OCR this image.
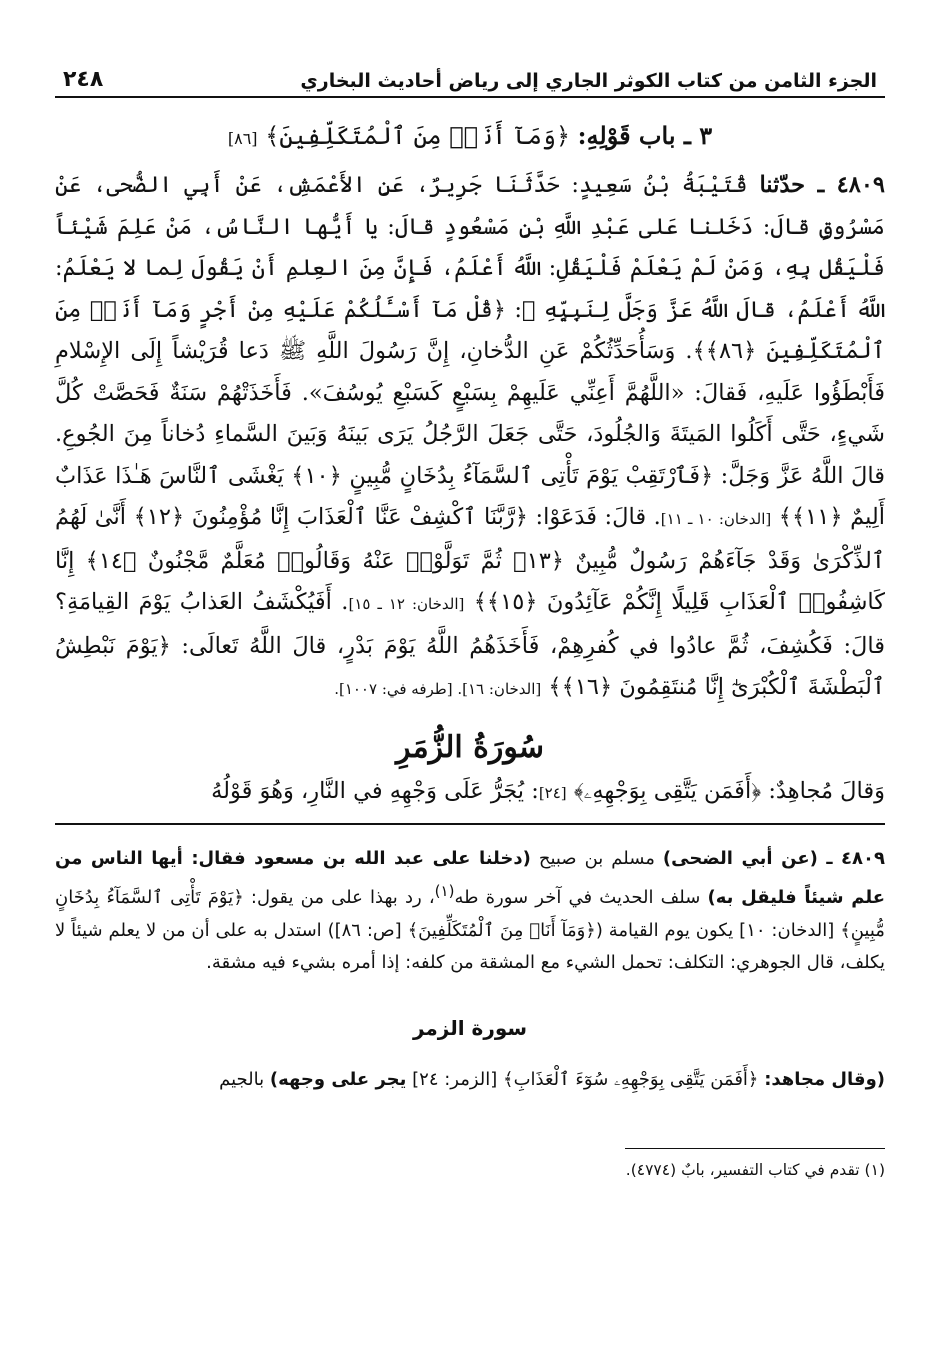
الجزء الثامن من كتاب الكوثر الجاري إلى رياض أحاديث البخاري
٢٤٨
٣ ـ باب قَوْلِهِ: ﴿وَمَآ أَنَا۠ مِنَ ٱلْمُتَكَلِّفِينَ﴾ [٨٦]

٤٨٠٩ ـ حدّثنا قُتَيْبَةُ بْنُ سَعِيدٍ: حَدَّثَنَا جَرِيرٌ، عَنِ الأَعْمَشِ، عَنْ أَبِي الضُّحى، عَنْ مَسْرُوقٍ قالَ: دَخَلنا عَلى عَبْدِ اللَّهِ بْنِ مَسْعُودٍ قالَ: يا أَيُّها النَّاسُ، مَنْ عَلِمَ شَيْئاً فَلْيَقُل بِهِ، وَمَنْ لَمْ يَعْلَمْ فَلْيَقُلِ: اللَّهُ أَعْلَمُ، فَإِنَّ مِنَ العِلمِ أَنْ يَقُولَ لِما لا يَعْلَمُ: اللَّهُ أَعْلَمُ، قالَ اللَّهُ عَزَّ وَجَلَّ لِنَبِيِّهِ ﷺ: ﴿قُلْ مَآ أَسْـَٔلُكُمْ عَلَيْهِ مِنْ أَجْرٍ وَمَآ أَنَا۠ مِنَ ٱلْمُتَكَلِّفِينَ ﴿٨٦﴾﴾. وَسَأُحَدِّثُكُمْ عَنِ الدُّخانِ، إِنَّ رَسُولَ اللَّهِ ﷺ دَعا قُرَيْشاً إِلَى الإِسْلامِ فَأَبْطَؤُوا عَلَيهِ، فَقالَ: «اللَّهُمَّ أَعِنِّي عَلَيهِمْ بِسَبْعٍ كَسَبْعِ يُوسُفَ». فَأَخَذَتْهُمْ سَنَةٌ فَحَصَّتْ كُلَّ شَيءٍ، حَتَّى أَكَلُوا المَيتَةَ وَالجُلُودَ، حَتَّى جَعَلَ الرَّجُلُ يَرَى بَينَهُ وَبَينَ السَّماءِ دُخاناً مِنَ الجُوعِ. قالَ اللَّهُ عَزَّ وَجَلَّ: ﴿فَٱرْتَقِبْ يَوْمَ تَأْتِى ٱلسَّمَآءُ بِدُخَانٍ مُّبِينٍ ﴿١٠﴾ يَغْشَى ٱلنَّاسَ هَـٰذَا عَذَابٌ أَلِيمٌ ﴿١١﴾﴾ [الدخان: ١٠ ـ ١١]. قالَ: فَدَعَوْا: ﴿رَّبَّنَا ٱكْشِفْ عَنَّا ٱلْعَذَابَ إِنَّا مُؤْمِنُونَ ﴿١٢﴾ أَنَّىٰ لَهُمُ ٱلذِّكْرَىٰ وَقَدْ جَآءَهُمْ رَسُولٌ مُّبِينٌ ﴿١٣﴾ ثُمَّ تَوَلَّوْا۟ عَنْهُ وَقَالُوا۟ مُعَلَّمٌ مَّجْنُونٌ ﴿١٤﴾ إِنَّا كَاشِفُوا۟ ٱلْعَذَابِ قَلِيلًا إِنَّكُمْ عَآئِدُونَ ﴿١٥﴾﴾ [الدخان: ١٢ ـ ١٥]. أَفَيُكْشَفُ العَذابُ يَوْمَ القِيامَةِ؟ قالَ: فَكُشِفَ، ثُمَّ عادُوا في كُفرِهِمْ، فَأَخَذَهُمُ اللَّهُ يَوْمَ بَدْرٍ، قالَ اللَّهُ تَعالَى: ﴿يَوْمَ نَبْطِشُ ٱلْبَطْشَةَ ٱلْكُبْرَىٰٓ إِنَّا مُنتَقِمُونَ ﴿١٦﴾﴾ [الدخان: ١٦]. [طرفه في: ١٠٠٧].

سُورَةُ الزُّمَرِ
وَقالَ مُجاهِدٌ: ﴿أَفَمَن يَتَّقِى بِوَجْهِهِۦ﴾ [٢٤]: يُجَرُّ عَلَى وَجْهِهِ في النَّارِ، وَهُوَ قَوْلُهُ

٤٨٠٩ ـ (عن أبي الضحى) مسلم بن صبيح (دخلنا على عبد الله بن مسعود فقال: أيها الناس من علم شيئاً فليقل به) سلف الحديث في آخر سورة طه$^{(١)}$، رد بهذا على من يقول: ﴿يَوْمَ تَأْتِى ٱلسَّمَآءُ بِدُخَانٍ مُّبِينٍ﴾ [الدخان: ١٠] يكون يوم القيامة (﴿وَمَآ أَنَا۠ مِنَ ٱلْمُتَكَلِّفِينَ﴾ [ص: ٨٦]) استدل به على أن من لا يعلم شيئاً لا يكلف، قال الجوهري: التكلف: تحمل الشيء مع المشقة من كلفه: إذا أمره بشيء فيه مشقة.

سورة الزمر
(وقال مجاهد: ﴿أَفَمَن يَتَّقِى بِوَجْهِهِۦ سُوٓءَ ٱلْعَذَابِ﴾ [الزمر: ٢٤] يجر على وجهه) بالجيم
(١) تقدم في كتاب التفسير، بابٌ (٤٧٧٤).
